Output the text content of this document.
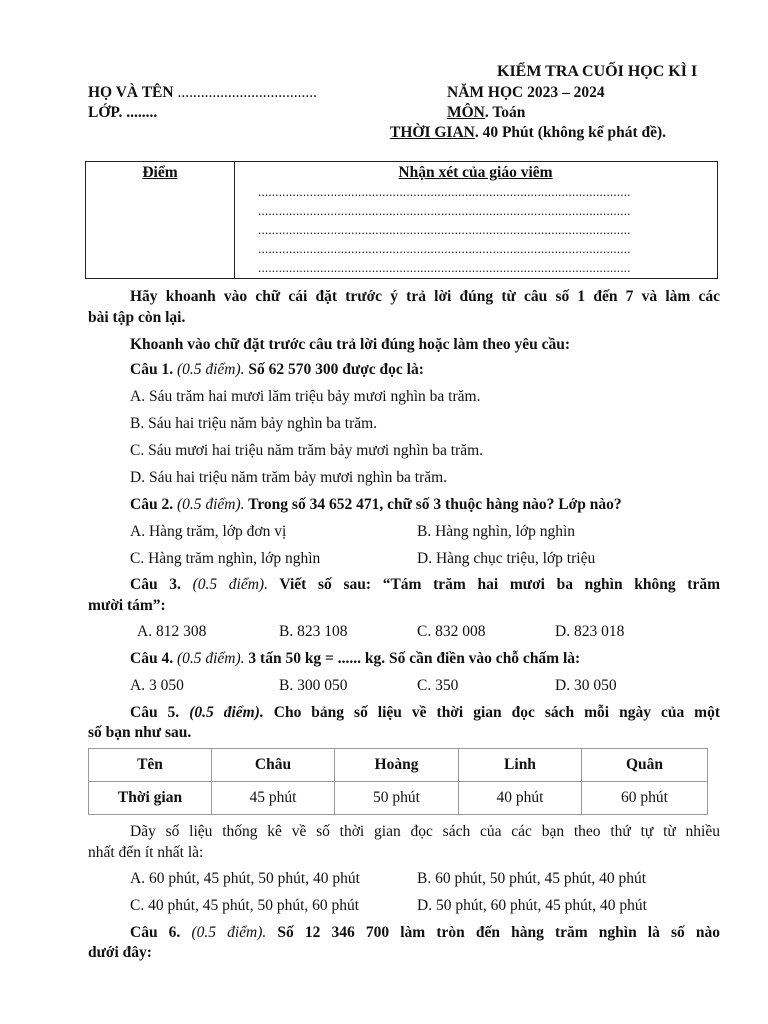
KIỂM TRA CUỐI HỌC KÌ I
HỌ VÀ TÊN ....................................	NĂM HỌC 2023 – 2024
LỚP. ........	MÔN. Toán
THỜI GIAN. 40 Phút (không kể phát đề).
Điểm	Nhận xét của giáo viêm
............................................................................................................
............................................................................................................
............................................................................................................
............................................................................................................
............................................................................................................
Hãy khoanh vào chữ cái đặt trước ý trả lời đúng từ câu số 1 đến 7 và làm các
bài tập còn lại.
Khoanh vào chữ đặt trước câu trả lời đúng hoặc làm theo yêu cầu:
Câu 1. (0.5 điểm). Số 62 570 300 được đọc là:
A. Sáu trăm hai mươi lăm triệu bảy mươi nghìn ba trăm.
B. Sáu hai triệu năm bảy nghìn ba trăm.
C. Sáu mươi hai triệu năm trăm bảy mươi nghìn ba trăm.
D. Sáu hai triệu năm trăm bảy mươi nghìn ba trăm.
Câu 2. (0.5 điểm). Trong số 34 652 471, chữ số 3 thuộc hàng nào? Lớp nào?
A. Hàng trăm, lớp đơn vị	B. Hàng nghìn, lớp nghìn
C. Hàng trăm nghìn, lớp nghìn	D. Hàng chục triệu, lớp triệu
Câu 3. (0.5 điểm). Viết số sau: “Tám trăm hai mươi ba nghìn không trăm
mười tám”:
A. 812 308	B. 823 108	C. 832 008	D. 823 018
Câu 4. (0.5 điểm). 3 tấn 50 kg = ...... kg. Số cần điền vào chỗ chấm là:
A. 3 050	B. 300 050	C. 350	D. 30 050
Câu 5. (0.5 điểm). Cho bảng số liệu về thời gian đọc sách mỗi ngày của một
số bạn như sau.
Tên	Châu	Hoàng	Linh	Quân
Thời gian	45 phút	50 phút	40 phút	60 phút
Dãy số liệu thống kê về số thời gian đọc sách của các bạn theo thứ tự từ nhiều
nhất đến ít nhất là:
A. 60 phút, 45 phút, 50 phút, 40 phút	B. 60 phút, 50 phút, 45 phút, 40 phút
C. 40 phút, 45 phút, 50 phút, 60 phút	D. 50 phút, 60 phút, 45 phút, 40 phút
Câu 6. (0.5 điểm). Số 12 346 700 làm tròn đến hàng trăm nghìn là số nào
dưới đây:
